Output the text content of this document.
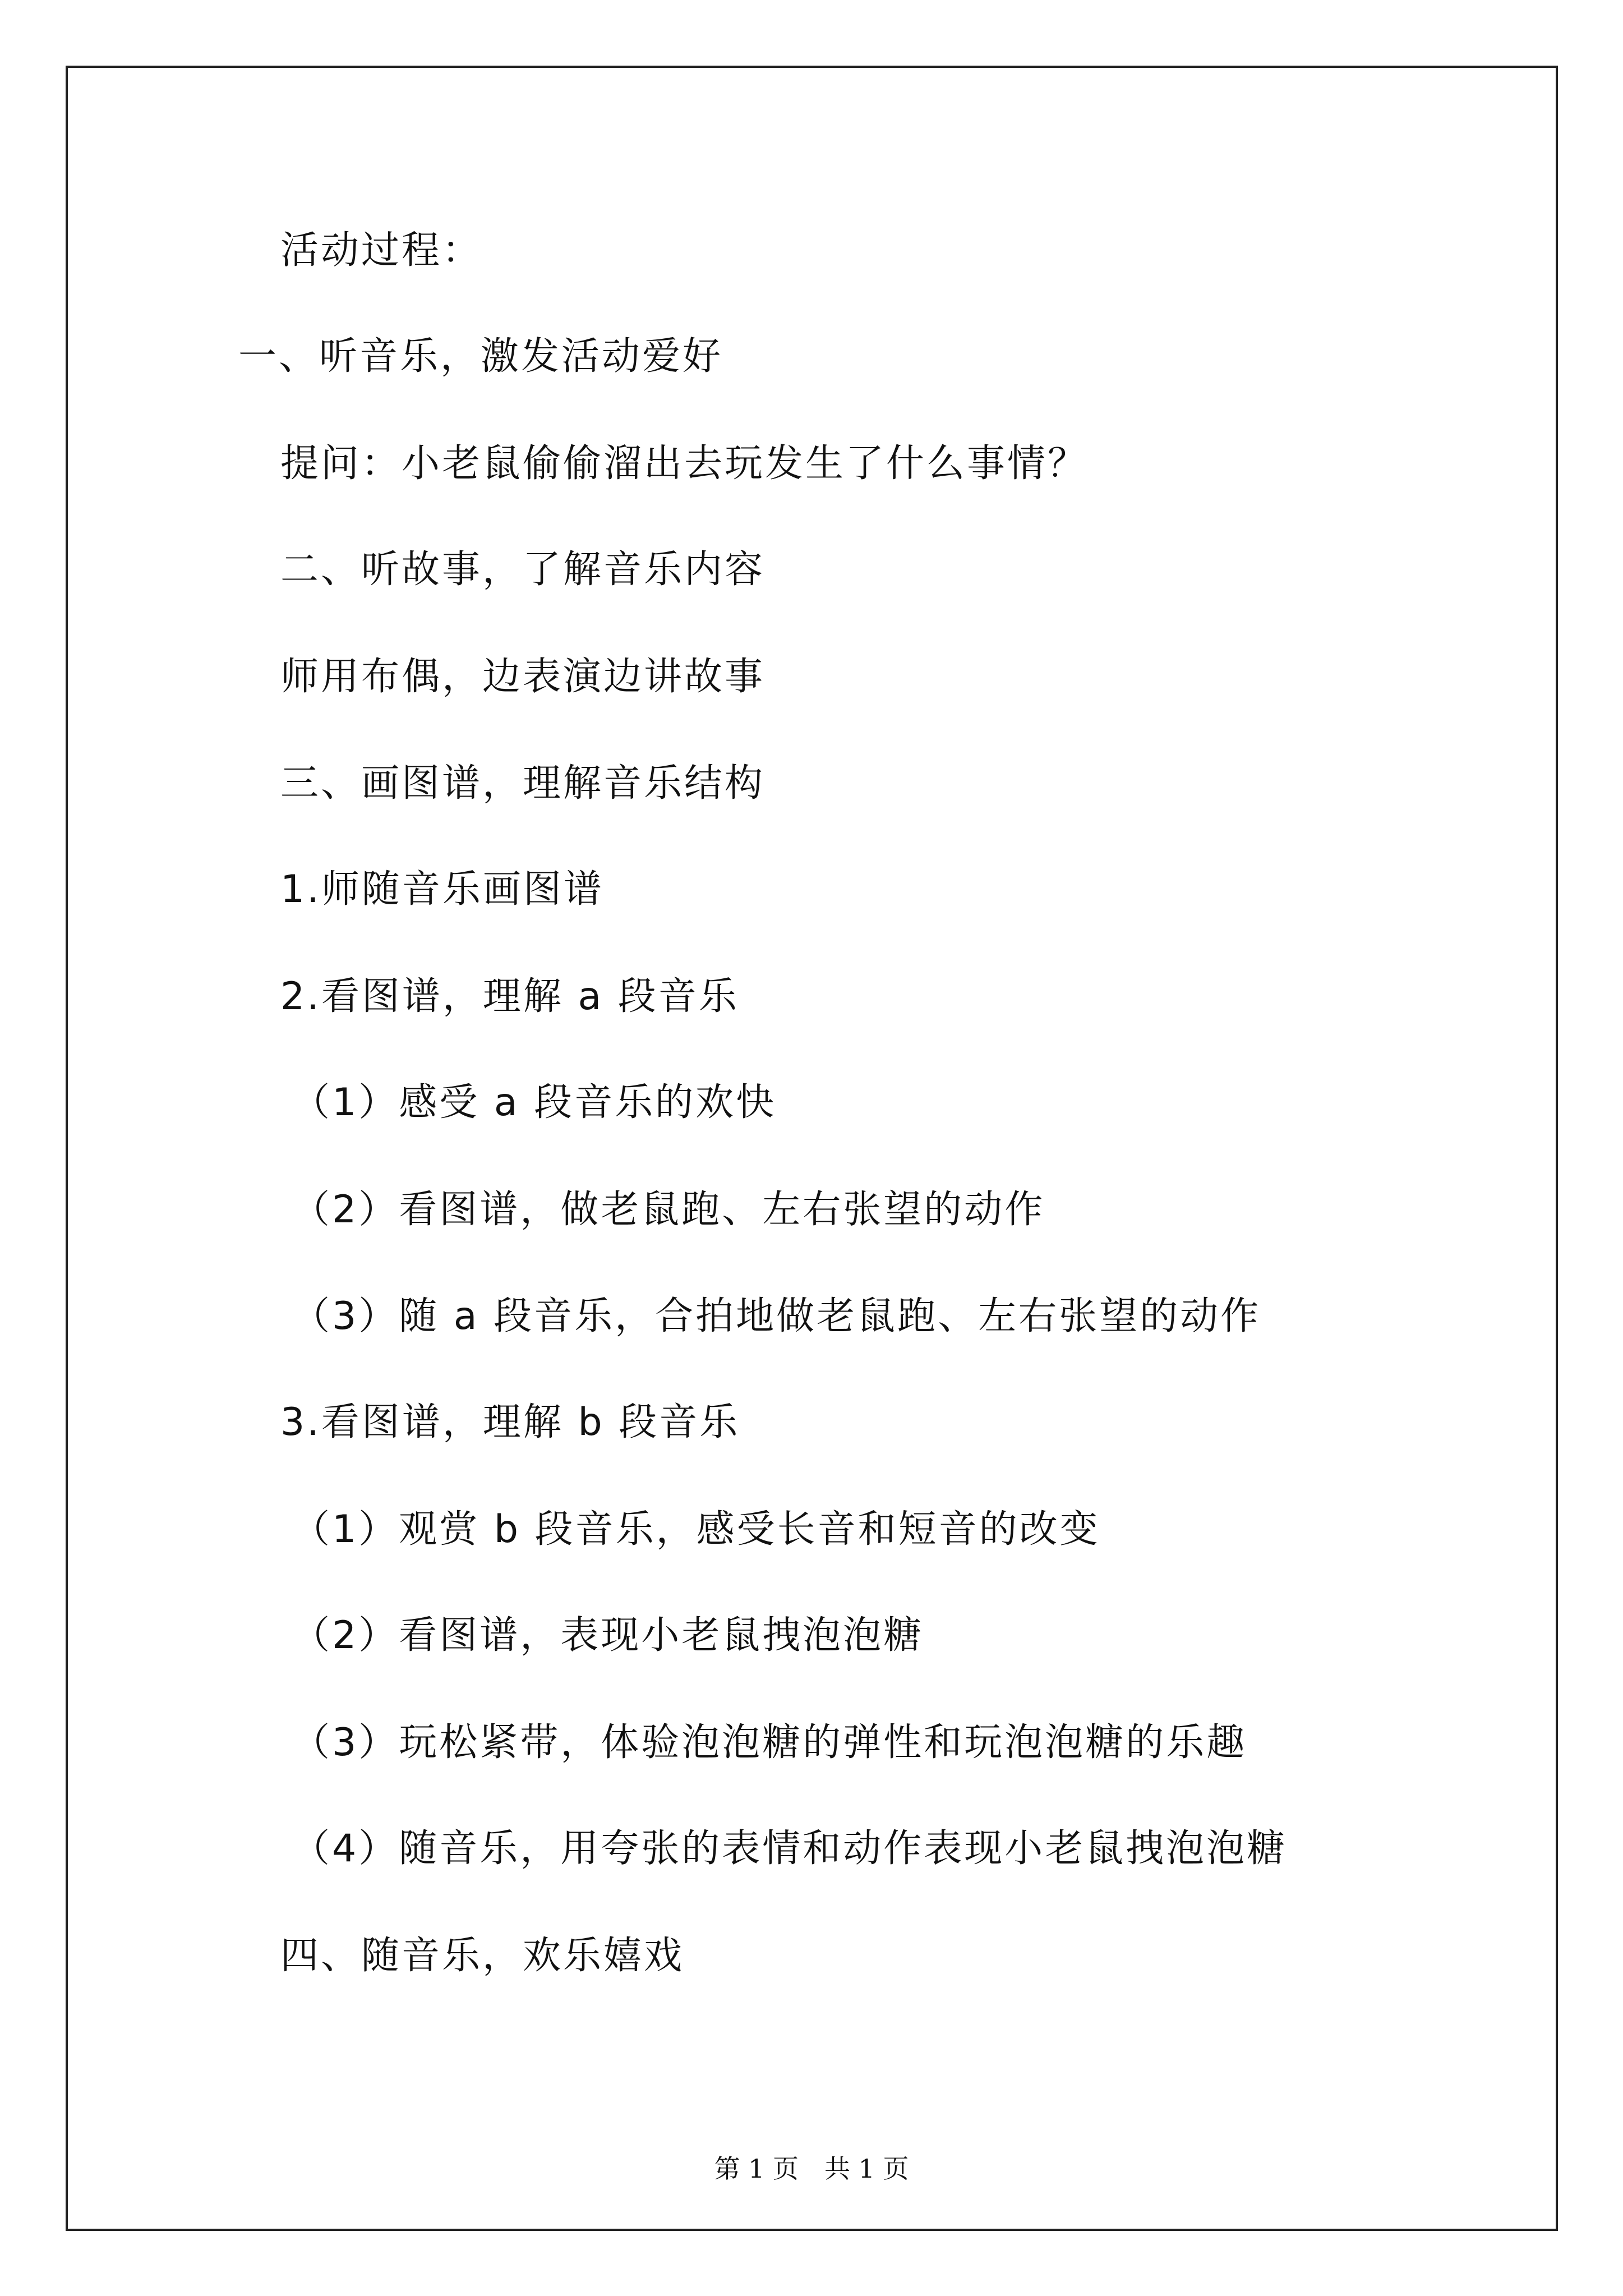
活动过程：
一、听音乐，激发活动爱好
提问：小老鼠偷偷溜出去玩发生了什么事情？
二、听故事，了解音乐内容
师用布偶，边表演边讲故事
三、画图谱，理解音乐结构
1.师随音乐画图谱
2.看图谱，理解 a 段音乐
（1）感受 a 段音乐的欢快
（2）看图谱，做老鼠跑、左右张望的动作
（3）随 a 段音乐，合拍地做老鼠跑、左右张望的动作
3.看图谱，理解 b 段音乐
（1）观赏 b 段音乐，感受长音和短音的改变
（2）看图谱，表现小老鼠拽泡泡糖
（3）玩松紧带，体验泡泡糖的弹性和玩泡泡糖的乐趣
（4）随音乐，用夸张的表情和动作表现小老鼠拽泡泡糖
四、随音乐，欢乐嬉戏
第 1 页　共 1 页
